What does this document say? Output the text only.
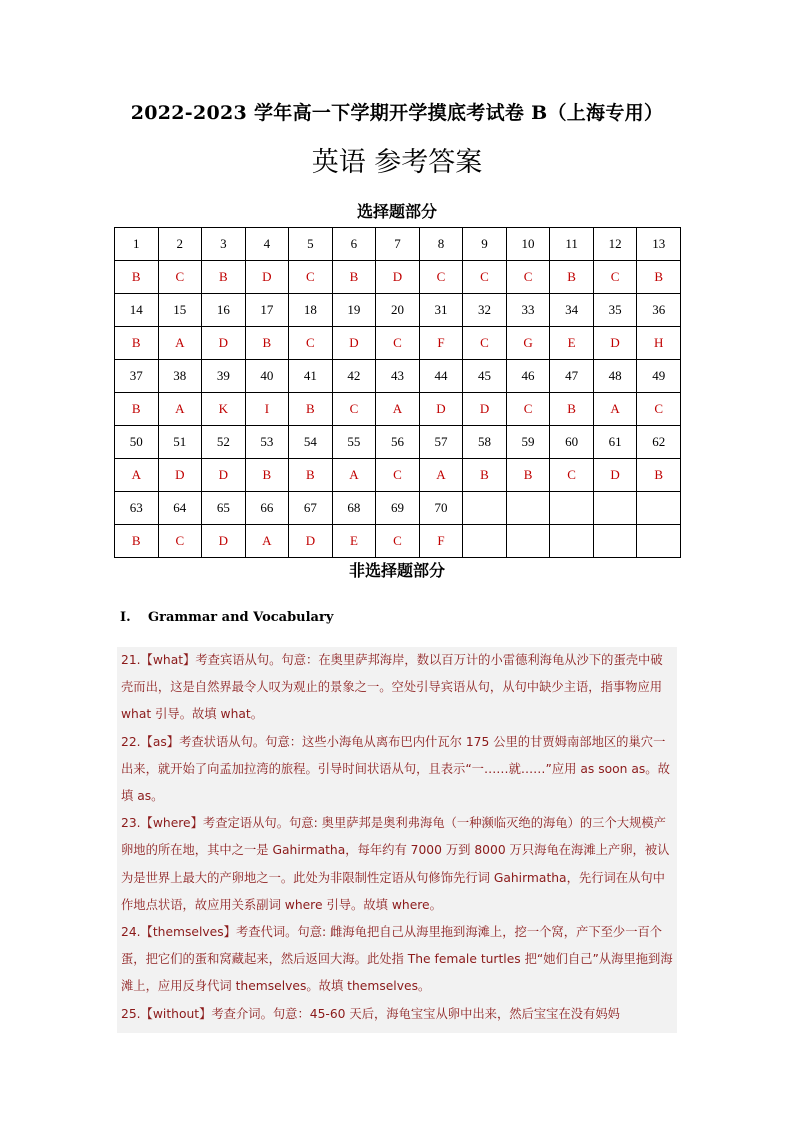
2022-2023 学年高一下学期开学摸底考试卷 B（上海专用）
英语 参考答案
选择题部分
1	2	3	4	5	6	7	8	9	10	11	12	13
B	C	B	D	C	B	D	C	C	C	B	C	B
14	15	16	17	18	19	20	31	32	33	34	35	36
B	A	D	B	C	D	C	F	C	G	E	D	H
37	38	39	40	41	42	43	44	45	46	47	48	49
B	A	K	I	B	C	A	D	D	C	B	A	C
50	51	52	53	54	55	56	57	58	59	60	61	62
A	D	D	B	B	A	C	A	B	B	C	D	B
63	64	65	66	67	68	69	70					
B	C	D	A	D	E	C	F					
非选择题部分
I. Grammar and Vocabulary

21.【what】考查宾语从句。句意：在奥里萨邦海岸，数以百万计的小雷德利海龟从沙下的蛋壳中破壳而出，这是自然界最令人叹为观止的景象之一。空处引导宾语从句，从句中缺少主语，指事物应用 what 引导。故填 what。

22.【as】考查状语从句。句意：这些小海龟从离布巴内什瓦尔 175 公里的甘贾姆南部地区的巢穴一出来，就开始了向孟加拉湾的旅程。引导时间状语从句，且表示“一……就……”应用 as soon as。故填 as。

23.【where】考查定语从句。句意: 奥里萨邦是奥利弗海龟（一种濒临灭绝的海龟）的三个大规模产卵地的所在地，其中之一是 Gahirmatha，每年约有 7000 万到 8000 万只海龟在海滩上产卵，被认为是世界上最大的产卵地之一。此处为非限制性定语从句修饰先行词 Gahirmatha，先行词在从句中作地点状语，故应用关系副词 where 引导。故填 where。

24.【themselves】考查代词。句意: 雌海龟把自己从海里拖到海滩上，挖一个窝，产下至少一百个蛋，把它们的蛋和窝藏起来，然后返回大海。此处指 The female turtles 把“她们自己”从海里拖到海滩上，应用反身代词 themselves。故填 themselves。

25.【without】考查介词。句意：45-60 天后，海龟宝宝从卵中出来，然后宝宝在没有妈妈
